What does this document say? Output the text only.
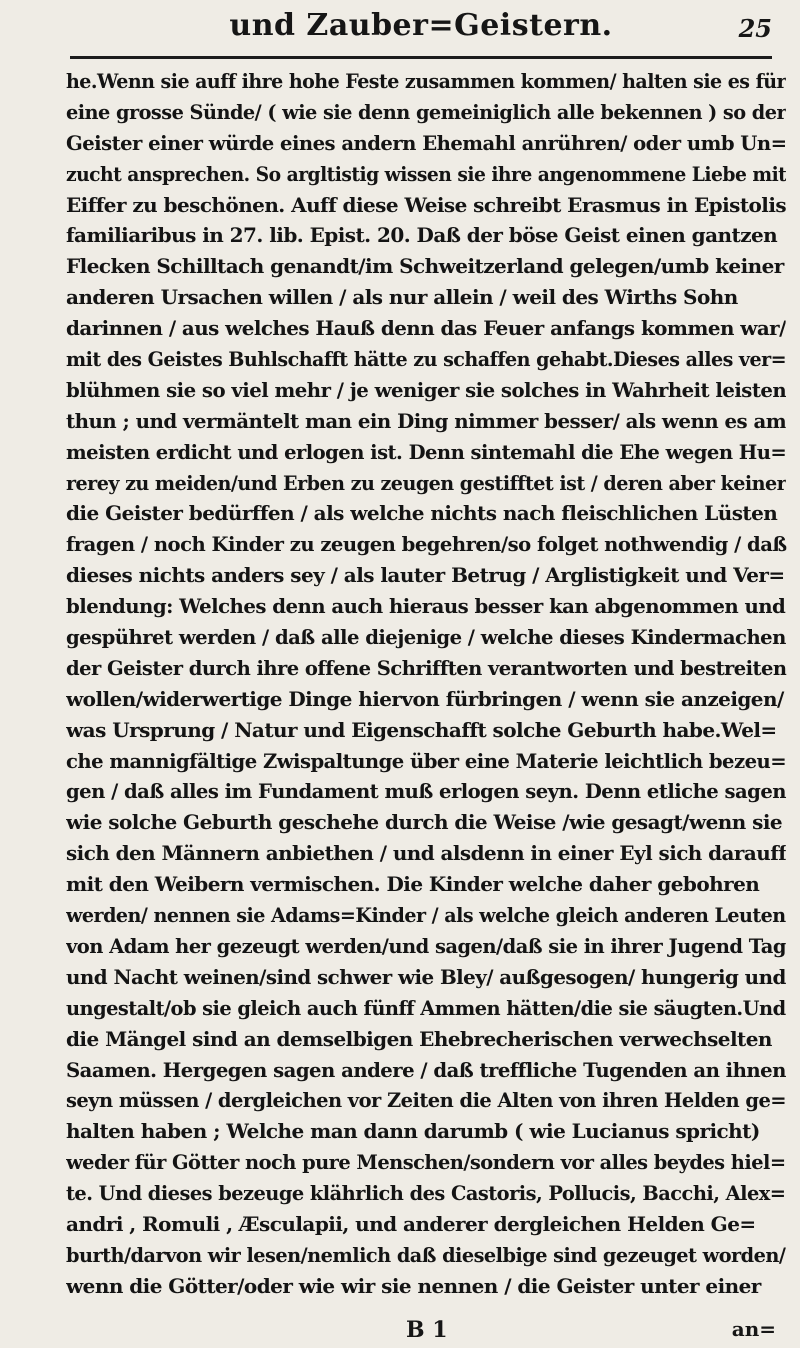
und Zauber=Geistern.	25
he.Wenn sie auff ihre hohe Feste zusammen kommen/ halten sie es für
eine grosse Sünde/ ( wie sie denn gemeiniglich alle bekennen ) so der
Geister einer würde eines andern Ehemahl anrühren/ oder umb Un=
zucht ansprechen. So argltistig wissen sie ihre angenommene Liebe mit
Eiffer zu beschönen. Auff diese Weise schreibt Erasmus in Epistolis
familiaribus in 27. lib. Epist. 20. Daß der böse Geist einen gantzen
Flecken Schilltach genandt/im Schweitzerland gelegen/umb keiner
anderen Ursachen willen / als nur allein / weil des Wirths Sohn
darinnen / aus welches Hauß denn das Feuer anfangs kommen war/
mit des Geistes Buhlschafft hätte zu schaffen gehabt.Dieses alles ver=
blühmen sie so viel mehr / je weniger sie solches in Wahrheit leisten
thun ; und vermäntelt man ein Ding nimmer besser/ als wenn es am
meisten erdicht und erlogen ist. Denn sintemahl die Ehe wegen Hu=
rerey zu meiden/und Erben zu zeugen gestifftet ist / deren aber keiner
die Geister bedürffen / als welche nichts nach fleischlichen Lüsten
fragen / noch Kinder zu zeugen begehren/so folget nothwendig / daß
dieses nichts anders sey / als lauter Betrug / Arglistigkeit und Ver=
blendung: Welches denn auch hieraus besser kan abgenommen und
gespühret werden / daß alle diejenige / welche dieses Kindermachen
der Geister durch ihre offene Schrifften verantworten und bestreiten
wollen/widerwertige Dinge hiervon fürbringen / wenn sie anzeigen/
was Ursprung / Natur und Eigenschafft solche Geburth habe.Wel=
che mannigfältige Zwispaltunge über eine Materie leichtlich bezeu=
gen / daß alles im Fundament muß erlogen seyn. Denn etliche sagen
wie solche Geburth geschehe durch die Weise /wie gesagt/wenn sie
sich den Männern anbiethen / und alsdenn in einer Eyl sich darauff
mit den Weibern vermischen. Die Kinder welche daher gebohren
werden/ nennen sie Adams=Kinder / als welche gleich anderen Leuten
von Adam her gezeugt werden/und sagen/daß sie in ihrer Jugend Tag
und Nacht weinen/sind schwer wie Bley/ außgesogen/ hungerig und
ungestalt/ob sie gleich auch fünff Ammen hätten/die sie säugten.Und
die Mängel sind an demselbigen Ehebrecherischen verwechselten
Saamen. Hergegen sagen andere / daß treffliche Tugenden an ihnen
seyn müssen / dergleichen vor Zeiten die Alten von ihren Helden ge=
halten haben ; Welche man dann darumb ( wie Lucianus spricht)
weder für Götter noch pure Menschen/sondern vor alles beydes hiel=
te. Und dieses bezeuge klährlich des Castoris, Pollucis, Bacchi, Alex=
andri , Romuli , Æsculapii, und anderer dergleichen Helden Ge=
burth/darvon wir lesen/nemlich daß dieselbige sind gezeuget worden/
wenn die Götter/oder wie wir sie nennen / die Geister unter einer
B 1	an=
